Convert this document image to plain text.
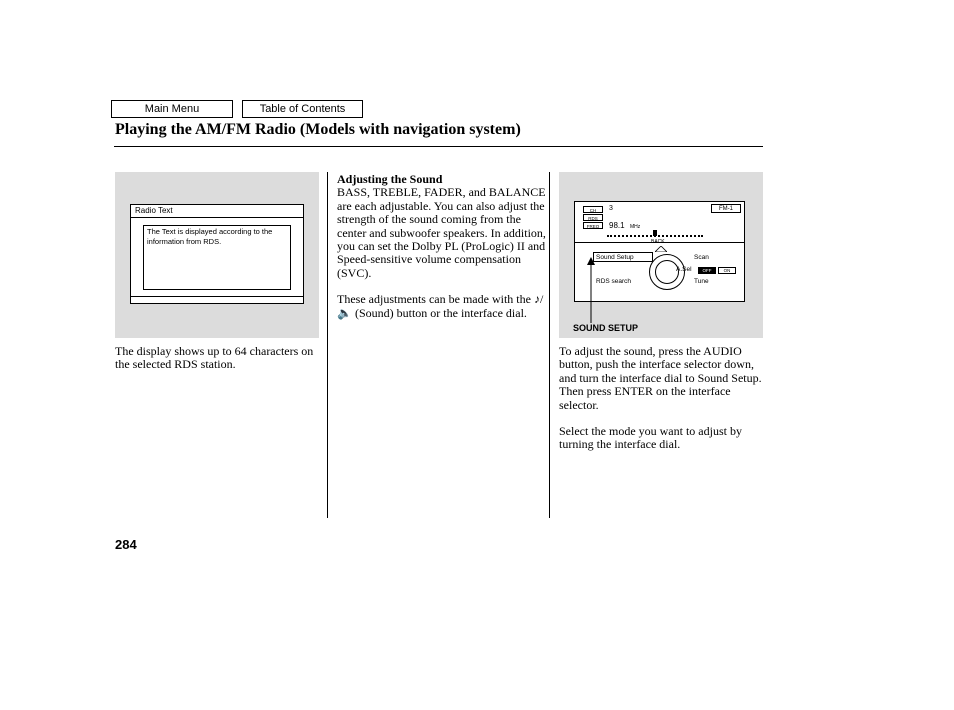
Main Menu	Table of Contents
Playing the AM/FM Radio (Models with navigation system)
Radio Text
The Text is displayed according to the information from RDS.
The display shows up to 64 characters on the selected RDS station.
Adjusting the Sound
BASS, TREBLE, FADER, and BALANCE are each adjustable. You can also adjust the strength of the sound coming from the center and subwoofer speakers. In addition, you can set the Dolby PL (ProLogic) II and Speed-sensitive volume compensation (SVC).
These adjustments can be made with the ♪/🔈 (Sound) button or the interface dial.
CH
RDS
FREQ
3
98.1 MHz
FM-1
BACK
Sound Setup	Scan
A.Sel	OFF	ON
RDS search	Tune
SOUND SETUP
To adjust the sound, press the AUDIO button, push the interface selector down, and turn the interface dial to Sound Setup. Then press ENTER on the interface selector.
Select the mode you want to adjust by turning the interface dial.
284
